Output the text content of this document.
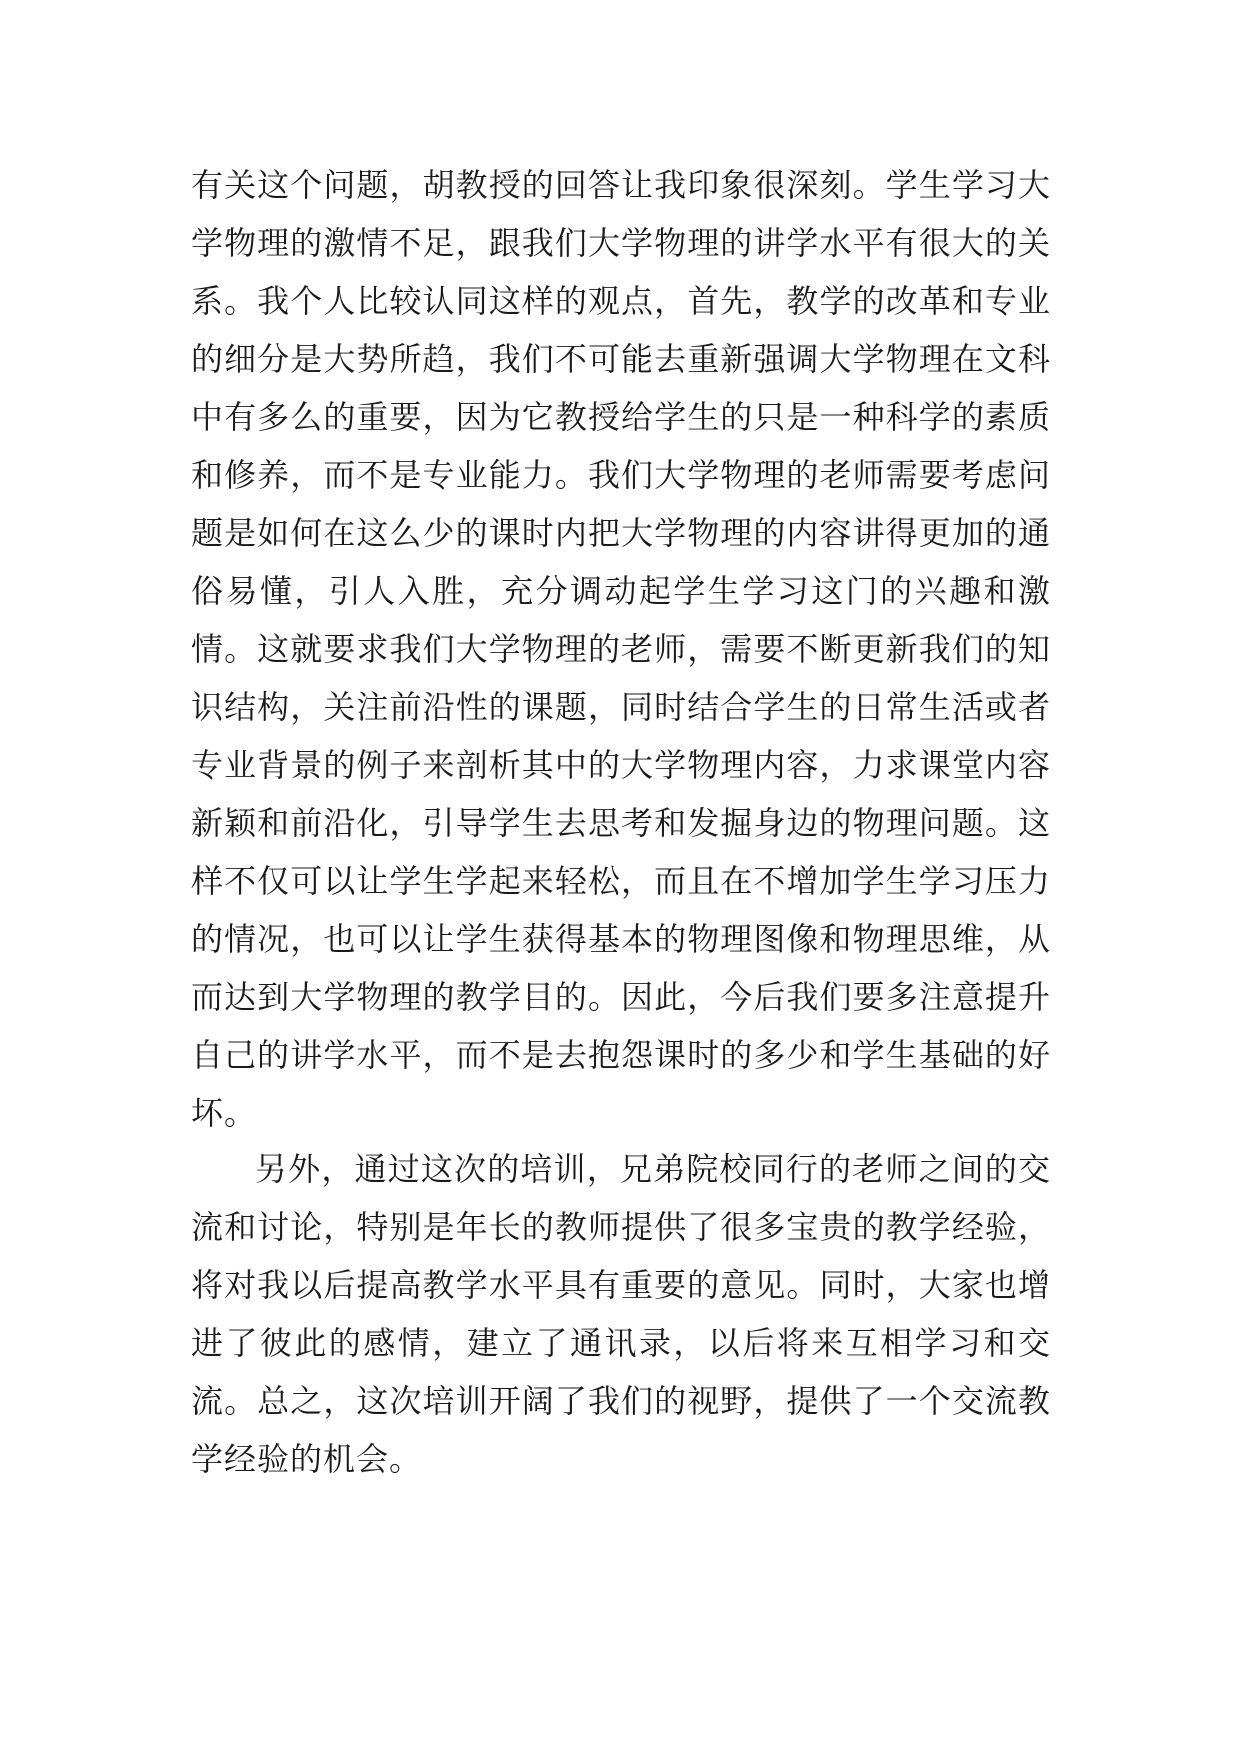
有关这个问题，胡教授的回答让我印象很深刻。学生学习大学物理的激情不足，跟我们大学物理的讲学水平有很大的关系。我个人比较认同这样的观点，首先，教学的改革和专业的细分是大势所趋，我们不可能去重新强调大学物理在文科中有多么的重要，因为它教授给学生的只是一种科学的素质和修养，而不是专业能力。我们大学物理的老师需要考虑问题是如何在这么少的课时内把大学物理的内容讲得更加的通俗易懂，引人入胜，充分调动起学生学习这门的兴趣和激情。这就要求我们大学物理的老师，需要不断更新我们的知识结构，关注前沿性的课题，同时结合学生的日常生活或者专业背景的例子来剖析其中的大学物理内容，力求课堂内容新颖和前沿化，引导学生去思考和发掘身边的物理问题。这样不仅可以让学生学起来轻松，而且在不增加学生学习压力的情况，也可以让学生获得基本的物理图像和物理思维，从而达到大学物理的教学目的。因此，今后我们要多注意提升自己的讲学水平，而不是去抱怨课时的多少和学生基础的好坏。

另外，通过这次的培训，兄弟院校同行的老师之间的交流和讨论，特别是年长的教师提供了很多宝贵的教学经验，将对我以后提高教学水平具有重要的意见。同时，大家也增进了彼此的感情，建立了通讯录，以后将来互相学习和交流。总之，这次培训开阔了我们的视野，提供了一个交流教学经验的机会。
